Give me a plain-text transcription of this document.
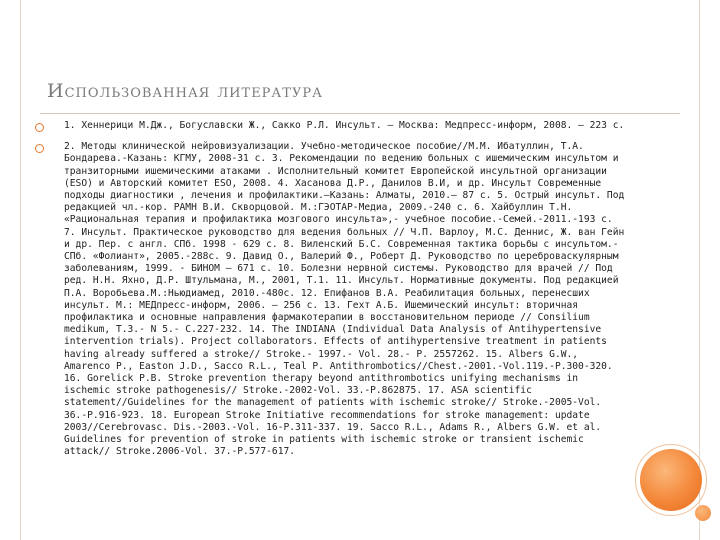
Использованная литература
1. Хеннерици М.Дж., Богуславски Ж., Сакко Р.Л. Инсульт. – Москва: Медпресс-информ, 2008. – 223 с.
2. Методы клинической нейровизуализации. Учебно-методическое пособие//М.М. Ибатуллин, Т.А. Бондарева.-Казань: КГМУ, 2008-31 с. 3. Рекомендации по ведению больных с ишемическим инсультом и транзиторными ишемическими атаками . Исполнительный комитет Европейской инсультной организации (ESO) и Авторский комитет ESO, 2008. 4. Хасанова Д.Р., Данилов В.И, и др. Инсульт Современные подходы диагностики , лечения и профилактики.–Казань: Алматы, 2010.– 87 с. 5. Острый инсульт. Под редакцией чл.-кор. РАМН В.И. Скворцовой. М.:ГЭОТАР-Медиа, 2009.-240 с. 6. Хайбуллин Т.Н. «Рациональная терапия и профилактика мозгового инсульта»,- учебное пособие.-Семей.-2011.-193 с. 7. Инсульт. Практическое руководство для ведения больных // Ч.П. Варлоу, М.С. Деннис, Ж. ван Гейн и др. Пер. с англ. СПб. 1998 - 629 с. 8. Виленский Б.С. Современная тактика борьбы с инсультом.-СПб. «Фолиант», 2005.-288с. 9. Давид О., Валерий Ф., Роберт Д. Руководство по цереброваскулярным заболеваниям, 1999. - БИНОМ – 671 с. 10. Болезни нервной системы. Руководство для врачей // Под ред. Н.Н. Яхно, Д.Р. Штульмана, М., 2001, Т.1. 11. Инсульт. Нормативные документы. Под редакцией П.А. Воробьева.М.:Ньюдиамед, 2010.-480с. 12. Епифанов В.А. Реабилитация больных, перенесших инсульт. М.: МЕДпресс-информ, 2006. – 256 с. 13. Гехт А.Б. Ишемический инсульт: вторичная профилактика и основные направления фармакотерапии в восстановительном периоде // Consilium medikum, Т.3.- N 5.- С.227-232. 14. The INDIANA (Individual Data Analysis of Antihypertensive intervention trials). Project collaborators. Effects of antihypertensive treatment in patients having already suffered a stroke// Stroke.- 1997.- Vol. 28.- P. 2557262. 15. Albers G.W., Amarenco P., Easton J.D., Sacco R.L., Teal P. Antithrombotics//Chest.-2001.-Vol.119.-P.300-320. 16. Gorelick P.B. Stroke prevention therapy beyond antithrombotics unifying mechanisms in ischemic stroke pathogenesis// Stroke.-2002-Vol. 33.-P.862875. 17. ASA scientific statement//Guidelines for the management of patients with ischemic stroke// Stroke.-2005-Vol. 36.-P.916-923. 18. European Stroke Initiative recommendations for stroke management: update 2003//Cerebrovasc. Dis.-2003.-Vol. 16-P.311-337. 19. Sacco R.L., Adams R., Albers G.W. et al. Guidelines for prevention of stroke in patients with ischemic stroke or transient ischemic attack// Stroke.2006-Vol. 37.-P.577-617.
